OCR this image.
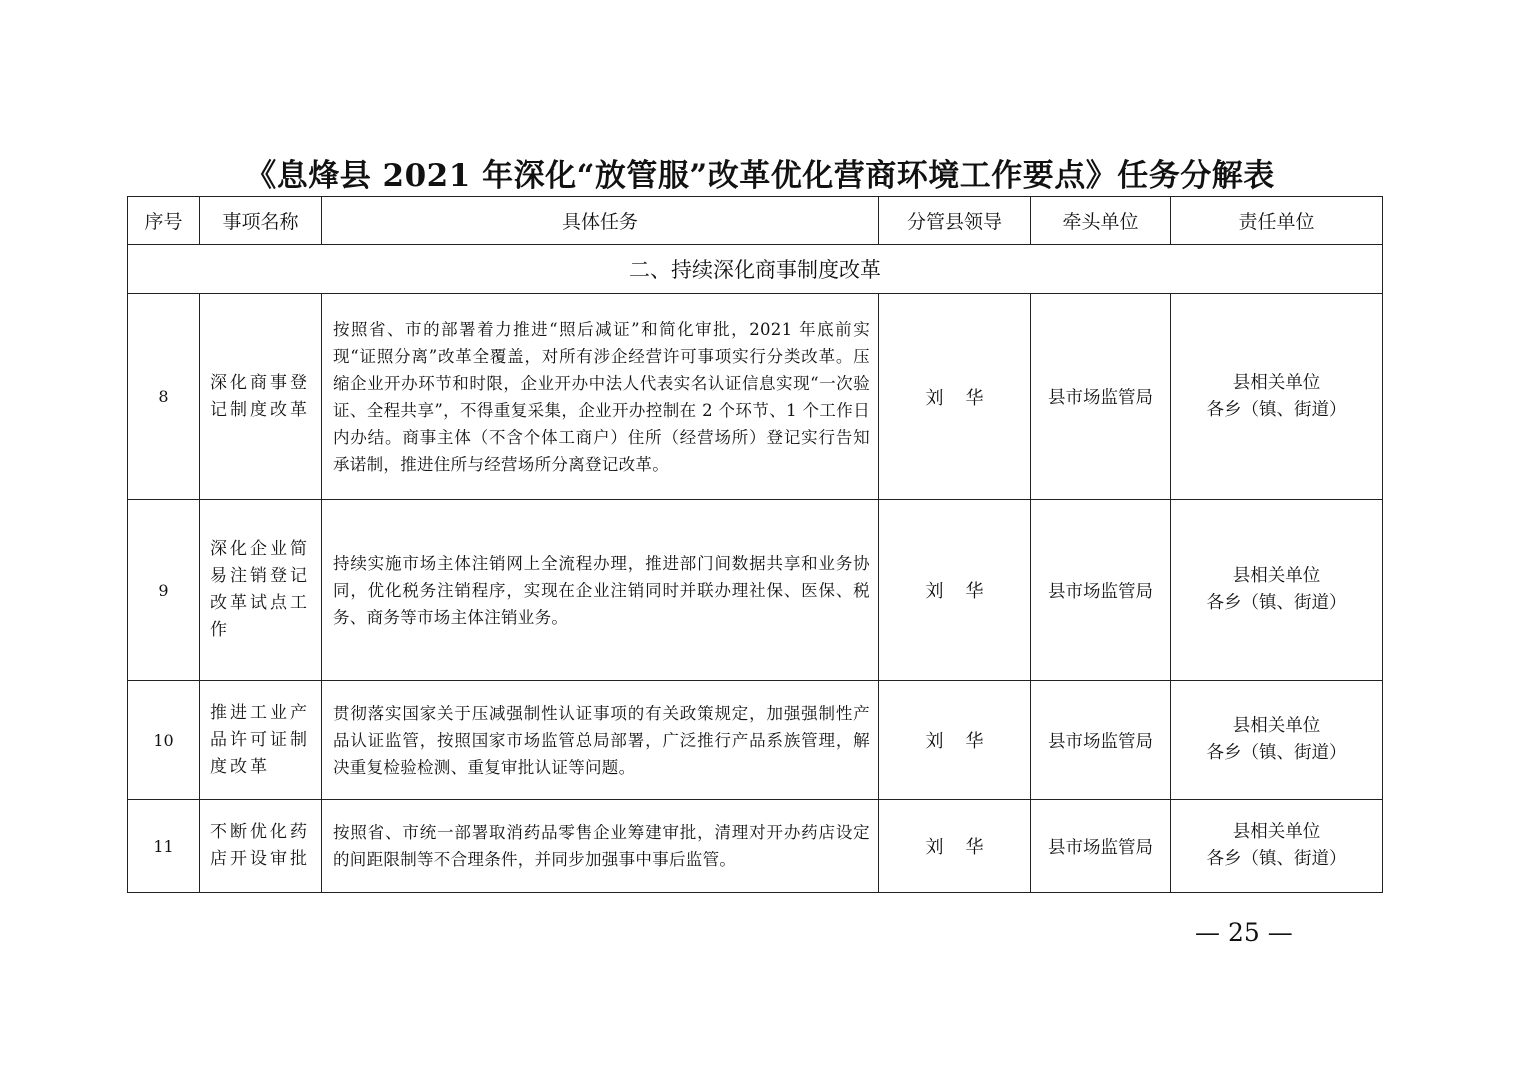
《息烽县 2021 年深化“放管服”改革优化营商环境工作要点》任务分解表
序号	事项名称	具体任务	分管县领导	牵头单位	责任单位
二、持续深化商事制度改革					
8	深化商事登记制度改革	按照省、市的部署着力推进“照后减证”和简化审批，2021 年底前实现“证照分离”改革全覆盖，对所有涉企经营许可事项实行分类改革。压缩企业开办环节和时限，企业开办中法人代表实名认证信息实现“一次验证、全程共享”，不得重复采集，企业开办控制在 2 个环节、1 个工作日内办结。商事主体（不含个体工商户）住所（经营场所）登记实行告知承诺制，推进住所与经营场所分离登记改革。	刘 华	县市场监管局	县相关单位
各乡（镇、街道）

9	深化企业简易注销登记改革试点工作	持续实施市场主体注销网上全流程办理，推进部门间数据共享和业务协同，优化税务注销程序，实现在企业注销同时并联办理社保、医保、税务、商务等市场主体注销业务。	刘 华	县市场监管局	县相关单位
各乡（镇、街道）

10	推进工业产品许可证制度改革	贯彻落实国家关于压减强制性认证事项的有关政策规定，加强强制性产品认证监管，按照国家市场监管总局部署，广泛推行产品系族管理，解决重复检验检测、重复审批认证等问题。	刘 华	县市场监管局	县相关单位
各乡（镇、街道）

11	不断优化药店开设审批	按照省、市统一部署取消药品零售企业筹建审批，清理对开办药店设定的间距限制等不合理条件，并同步加强事中事后监管。	刘 华	县市场监管局	县相关单位
各乡（镇、街道）
— 25 —
